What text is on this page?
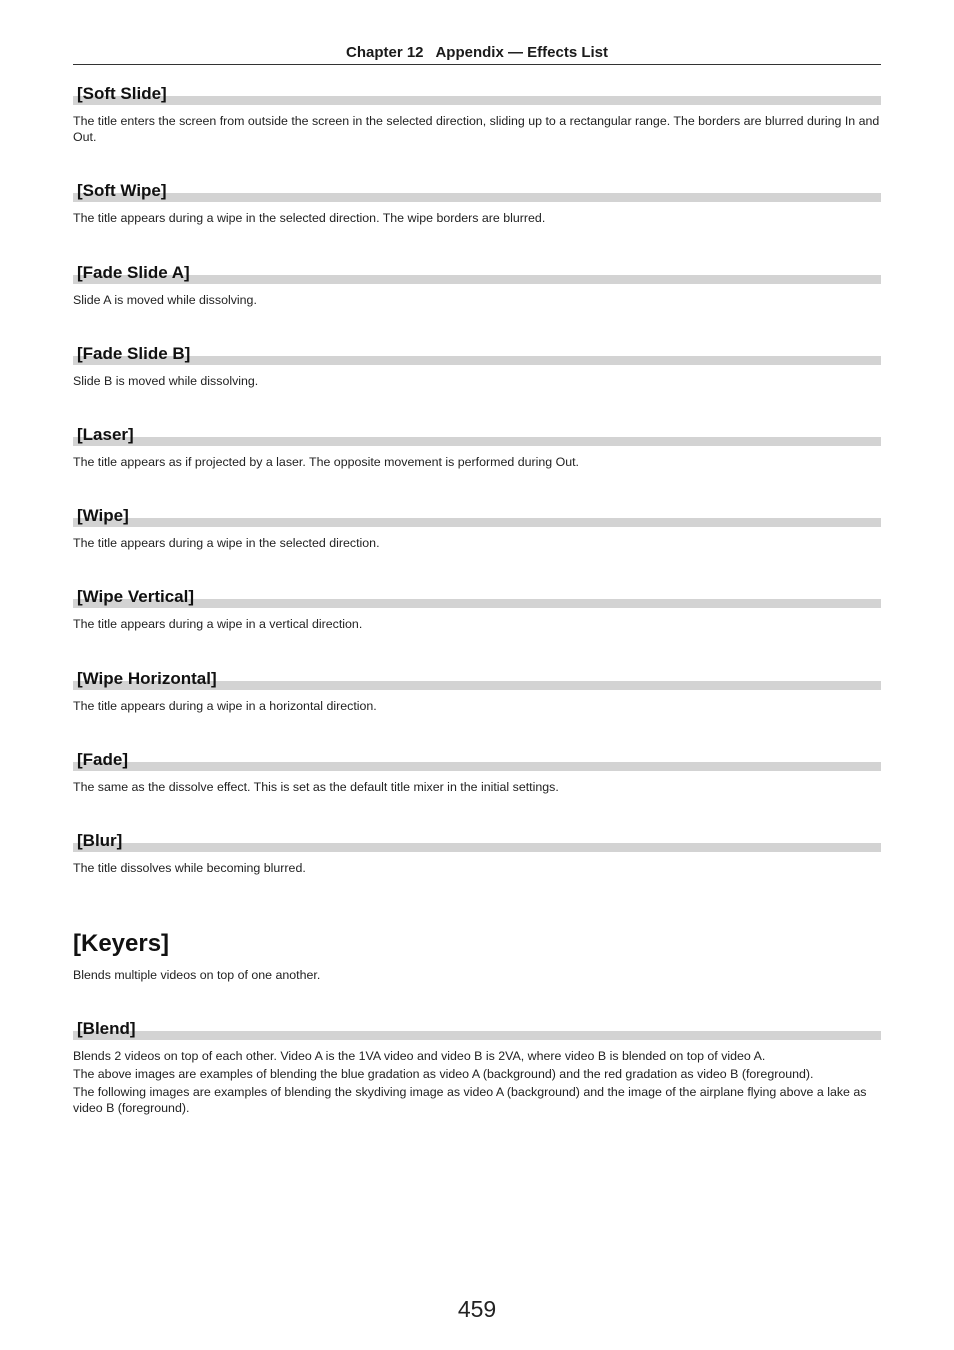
Chapter 12   Appendix — Effects List
[Soft Slide]
The title enters the screen from outside the screen in the selected direction, sliding up to a rectangular range. The borders are blurred during In and Out.
[Soft Wipe]
The title appears during a wipe in the selected direction. The wipe borders are blurred.
[Fade Slide A]
Slide A is moved while dissolving.
[Fade Slide B]
Slide B is moved while dissolving.
[Laser]
The title appears as if projected by a laser. The opposite movement is performed during Out.
[Wipe]
The title appears during a wipe in the selected direction.
[Wipe Vertical]
The title appears during a wipe in a vertical direction.
[Wipe Horizontal]
The title appears during a wipe in a horizontal direction.
[Fade]
The same as the dissolve effect. This is set as the default title mixer in the initial settings.
[Blur]
The title dissolves while becoming blurred.
[Keyers]
Blends multiple videos on top of one another.
[Blend]

Blends 2 videos on top of each other. Video A is the 1VA video and video B is 2VA, where video B is blended on top of video A.

The above images are examples of blending the blue gradation as video A (background) and the red gradation as video B (foreground).

The following images are examples of blending the skydiving image as video A (background) and the image of the airplane flying above a lake as video B (foreground).

459
